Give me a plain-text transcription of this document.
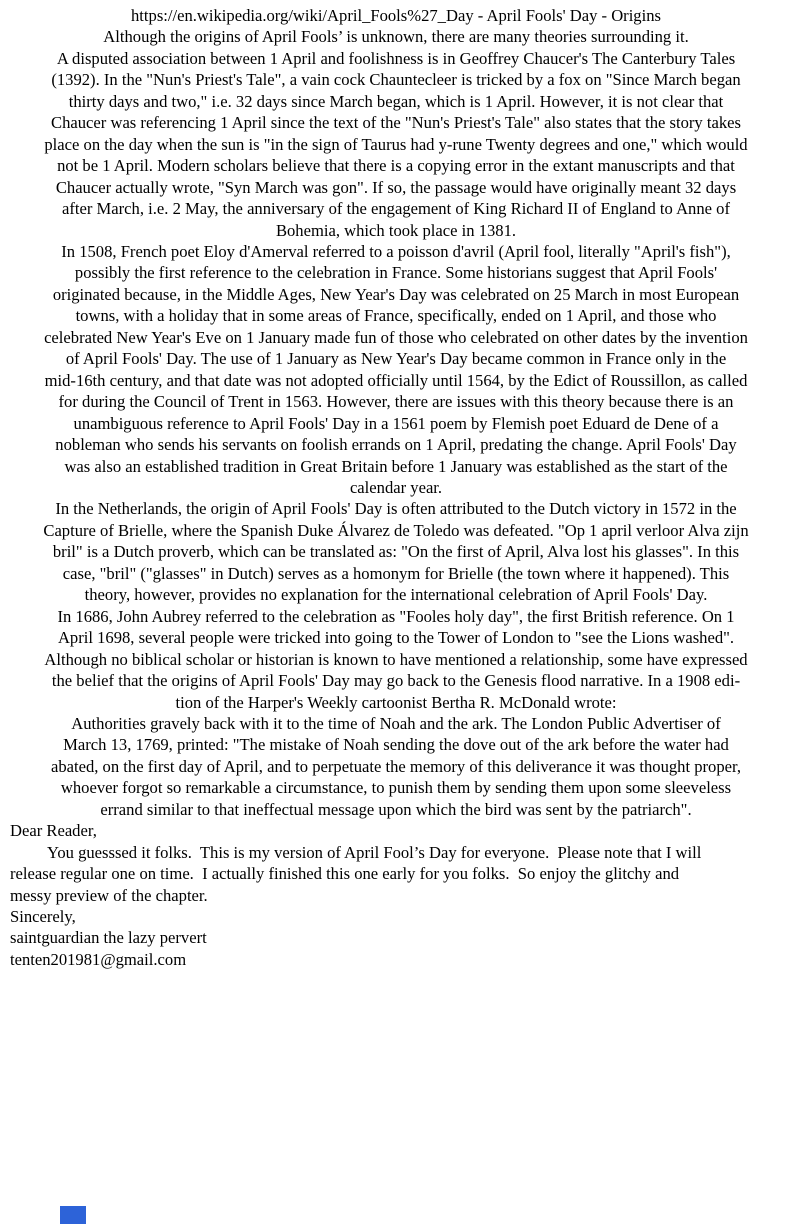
https://en.wikipedia.org/wiki/April_Fools%27_Day - April Fools' Day - Origins
Although the origins of April Fools’ is unknown, there are many theories surrounding it.
A disputed association between 1 April and foolishness is in Geoffrey Chaucer's The Canterbury Tales
(1392). In the "Nun's Priest's Tale", a vain cock Chauntecleer is tricked by a fox on "Since March began
thirty days and two," i.e. 32 days since March began, which is 1 April. However, it is not clear that
Chaucer was referencing 1 April since the text of the "Nun's Priest's Tale" also states that the story takes
place on the day when the sun is "in the sign of Taurus had y-rune Twenty degrees and one," which would
not be 1 April. Modern scholars believe that there is a copying error in the extant manuscripts and that
Chaucer actually wrote, "Syn March was gon". If so, the passage would have originally meant 32 days
after March, i.e. 2 May, the anniversary of the engagement of King Richard II of England to Anne of
Bohemia, which took place in 1381.
In 1508, French poet Eloy d'Amerval referred to a poisson d'avril (April fool, literally "April's fish"),
possibly the first reference to the celebration in France. Some historians suggest that April Fools'
originated because, in the Middle Ages, New Year's Day was celebrated on 25 March in most European
towns, with a holiday that in some areas of France, specifically, ended on 1 April, and those who
celebrated New Year's Eve on 1 January made fun of those who celebrated on other dates by the invention
of April Fools' Day. The use of 1 January as New Year's Day became common in France only in the
mid-16th century, and that date was not adopted officially until 1564, by the Edict of Roussillon, as called
for during the Council of Trent in 1563. However, there are issues with this theory because there is an
unambiguous reference to April Fools' Day in a 1561 poem by Flemish poet Eduard de Dene of a
nobleman who sends his servants on foolish errands on 1 April, predating the change. April Fools' Day
was also an established tradition in Great Britain before 1 January was established as the start of the
calendar year.
In the Netherlands, the origin of April Fools' Day is often attributed to the Dutch victory in 1572 in the
Capture of Brielle, where the Spanish Duke Álvarez de Toledo was defeated. "Op 1 april verloor Alva zijn
bril" is a Dutch proverb, which can be translated as: "On the first of April, Alva lost his glasses". In this
case, "bril" ("glasses" in Dutch) serves as a homonym for Brielle (the town where it happened). This
theory, however, provides no explanation for the international celebration of April Fools' Day.
In 1686, John Aubrey referred to the celebration as "Fooles holy day", the first British reference. On 1
April 1698, several people were tricked into going to the Tower of London to "see the Lions washed".
Although no biblical scholar or historian is known to have mentioned a relationship, some have expressed
the belief that the origins of April Fools' Day may go back to the Genesis flood narrative. In a 1908 edi-
tion of the Harper's Weekly cartoonist Bertha R. McDonald wrote:
Authorities gravely back with it to the time of Noah and the ark. The London Public Advertiser of
March 13, 1769, printed: "The mistake of Noah sending the dove out of the ark before the water had
abated, on the first day of April, and to perpetuate the memory of this deliverance it was thought proper,
whoever forgot so remarkable a circumstance, to punish them by sending them upon some sleeveless
errand similar to that ineffectual message upon which the bird was sent by the patriarch".

Dear Reader,

You guesssed it folks.  This is my version of April Fool’s Day for everyone.  Please note that I will
release regular one on time.  I actually finished this one early for you folks.  So enjoy the glitchy and
messy preview of the chapter.

Sincerely,

saintguardian the lazy pervert

tenten201981@gmail.com
